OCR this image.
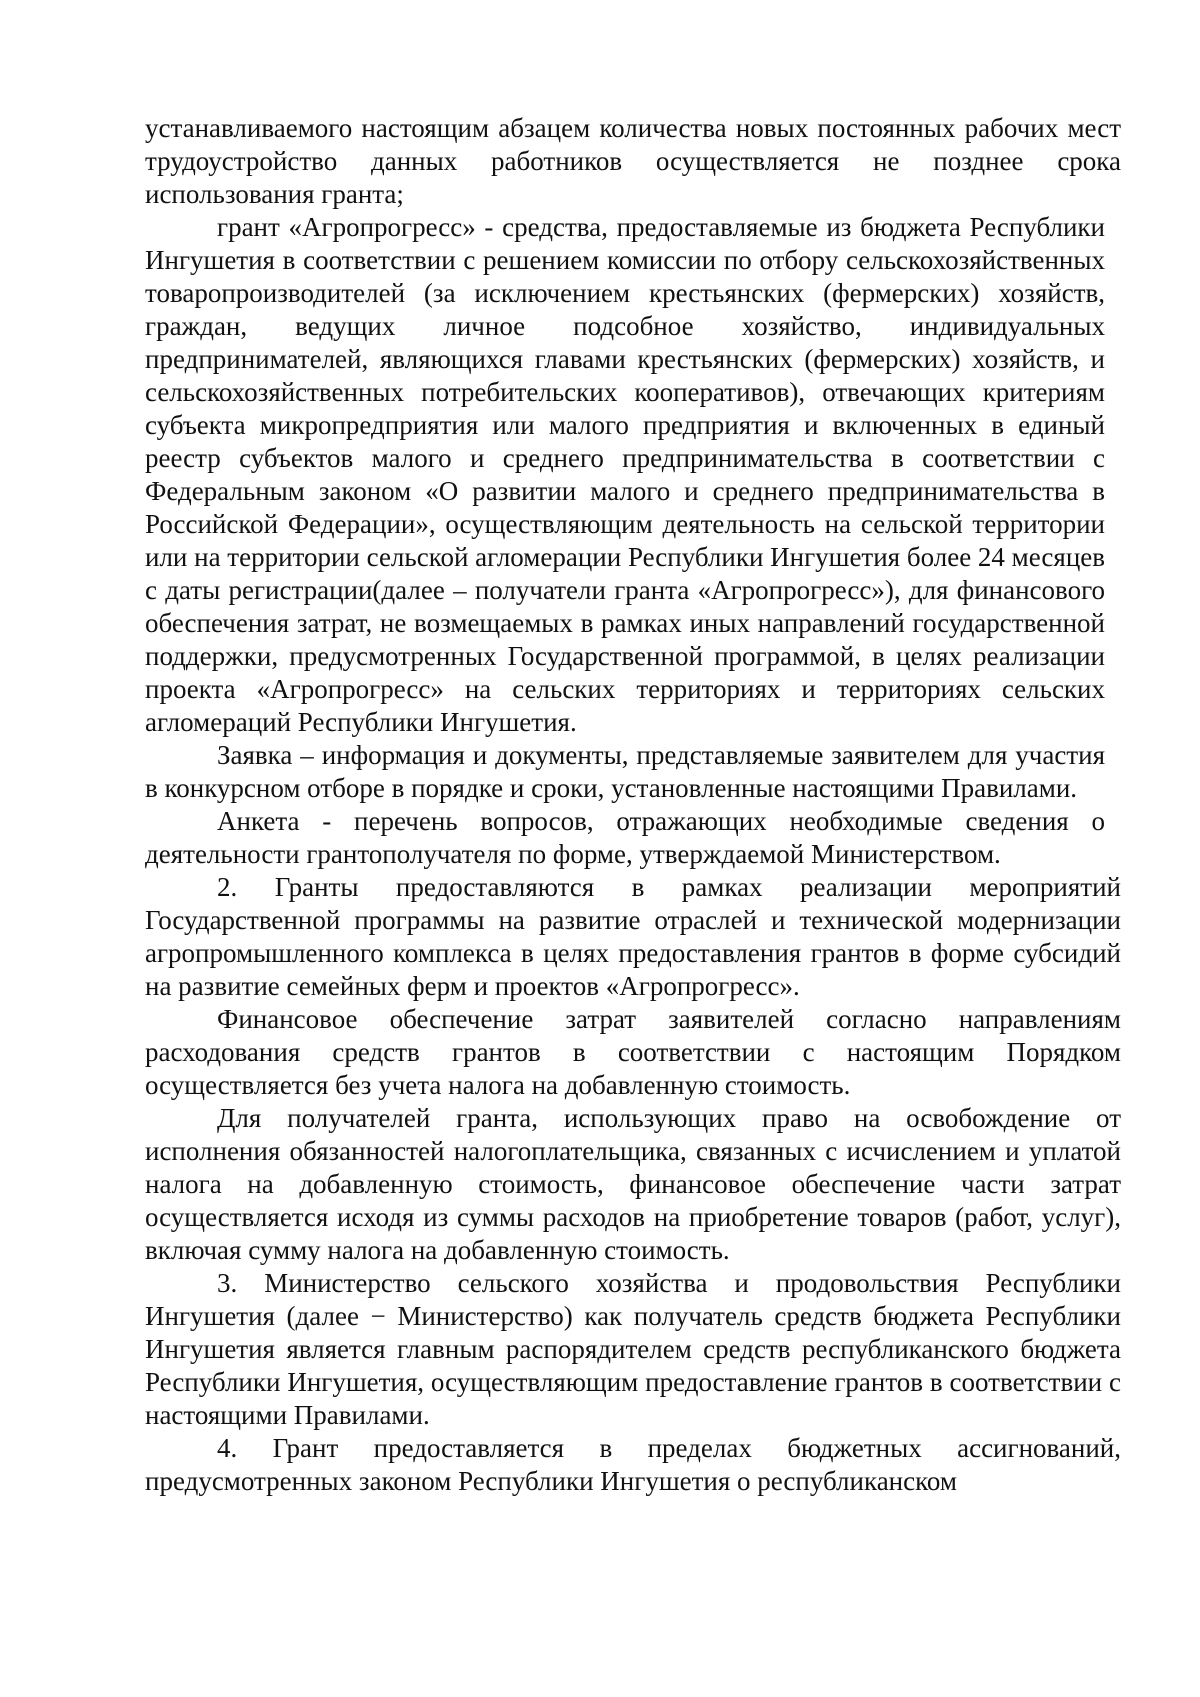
устанавливаемого настоящим абзацем количества новых постоянных рабочих мест трудоустройство данных работников осуществляется не позднее срока использования гранта;

грант «Агропрогресс» - средства, предоставляемые из бюджета Республики Ингушетия в соответствии с решением комиссии по отбору сельскохозяйственных товаропроизводителей (за исключением крестьянских (фермерских) хозяйств, граждан, ведущих личное подсобное хозяйство, индивидуальных предпринимателей, являющихся главами крестьянских (фермерских) хозяйств, и сельскохозяйственных потребительских кооперативов), отвечающих критериям субъекта микропредприятия или малого предприятия и включенных в единый реестр субъектов малого и среднего предпринимательства в соответствии с Федеральным законом «О развитии малого и среднего предпринимательства в Российской Федерации», осуществляющим деятельность на сельской территории или на территории сельской агломерации Республики Ингушетия более 24 месяцев с даты регистрации(далее – получатели гранта «Агропрогресс»), для финансового обеспечения затрат, не возмещаемых в рамках иных направлений государственной поддержки, предусмотренных Государственной программой, в целях реализации проекта «Агропрогресс» на сельских территориях и территориях сельских агломераций Республики Ингушетия.

Заявка – информация и документы, представляемые заявителем для участия в конкурсном отборе в порядке и сроки, установленные настоящими Правилами.

Анкета - перечень вопросов, отражающих необходимые сведения о деятельности грантополучателя по форме, утверждаемой Министерством.

2. Гранты предоставляются в рамках реализации мероприятий Государственной программы на развитие отраслей и технической модернизации агропромышленного комплекса в целях предоставления грантов в форме субсидий на развитие семейных ферм и проектов «Агропрогресс».

Финансовое обеспечение затрат заявителей согласно направлениям расходования средств грантов в соответствии с настоящим Порядком осуществляется без учета налога на добавленную стоимость.

Для получателей гранта, использующих право на освобождение от исполнения обязанностей налогоплательщика, связанных с исчислением и уплатой налога на добавленную стоимость, финансовое обеспечение части затрат осуществляется исходя из суммы расходов на приобретение товаров (работ, услуг), включая сумму налога на добавленную стоимость.

3. Министерство сельского хозяйства и продовольствия Республики Ингушетия (далее − Министерство) как получатель средств бюджета Республики Ингушетия является главным распорядителем средств республиканского бюджета Республики Ингушетия, осуществляющим предоставление грантов в соответствии с настоящими Правилами.

4. Грант предоставляется в пределах бюджетных ассигнований, предусмотренных законом Республики Ингушетия о республиканском
